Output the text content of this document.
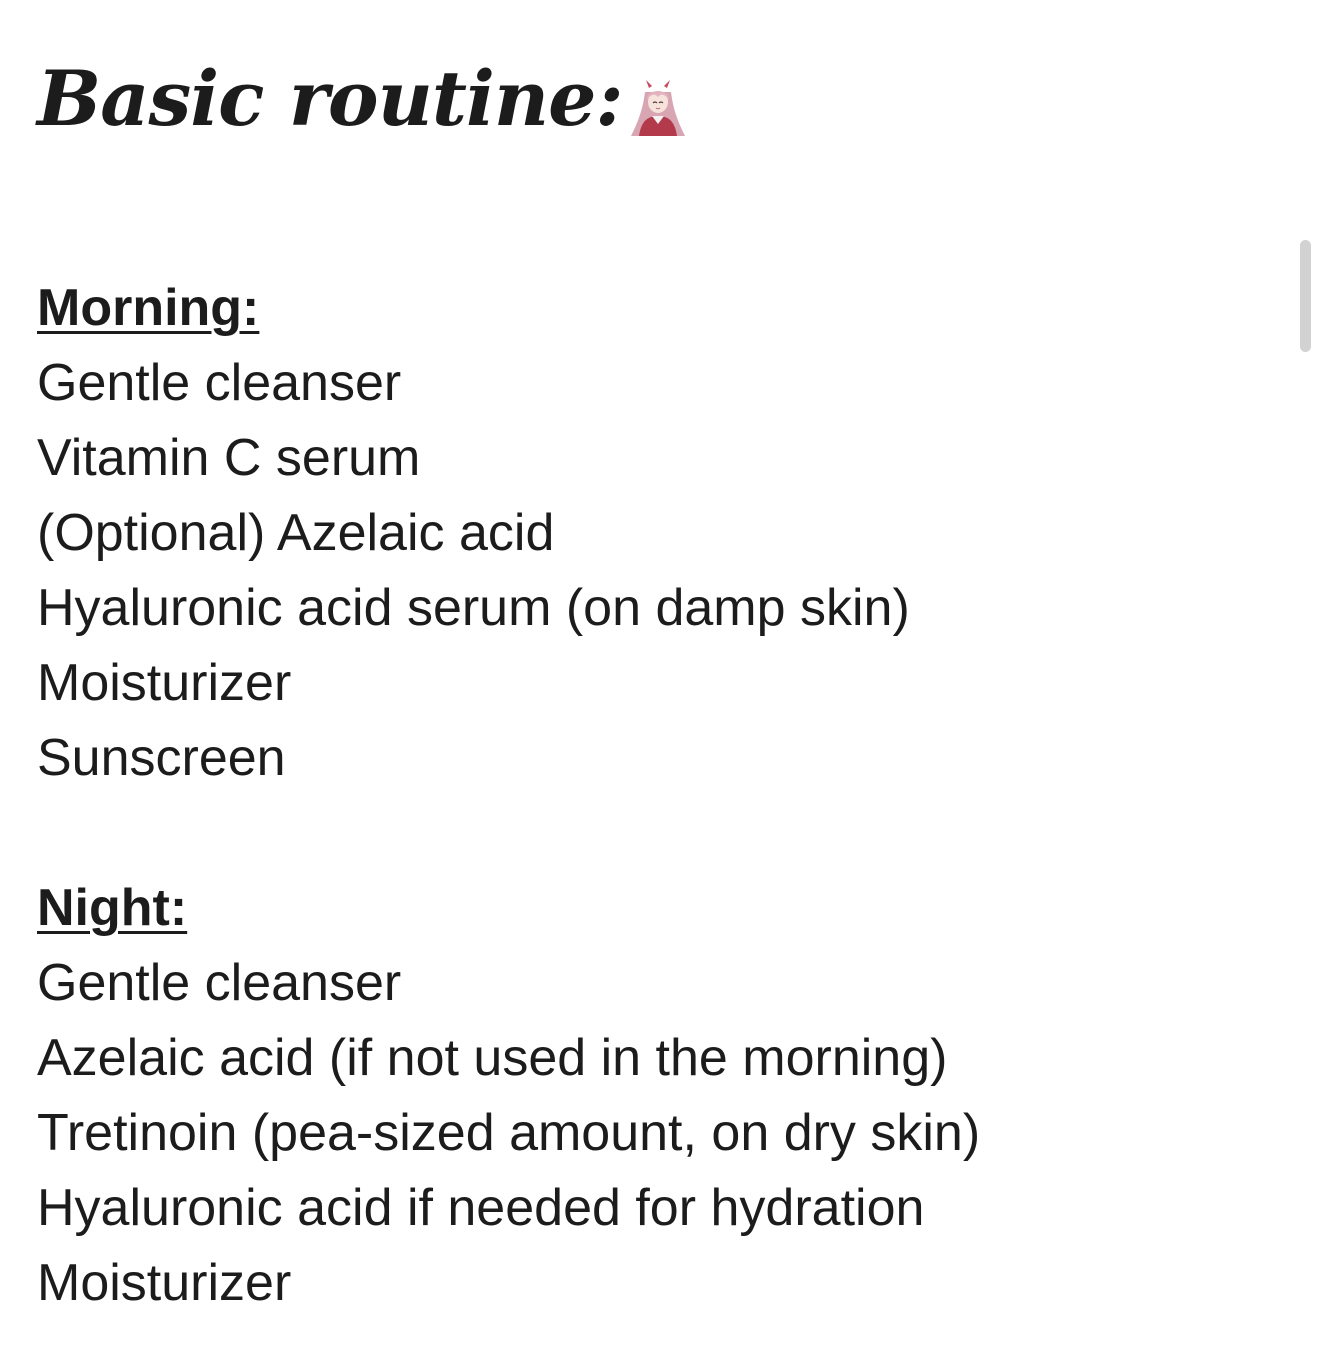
Basic routine:
Morning:
Gentle cleanser
Vitamin C serum
(Optional) Azelaic acid
Hyaluronic acid serum (on damp skin)
Moisturizer
Sunscreen
Night:
Gentle cleanser
Azelaic acid (if not used in the morning)
Tretinoin (pea-sized amount, on dry skin)
Hyaluronic acid if needed for hydration
Moisturizer
